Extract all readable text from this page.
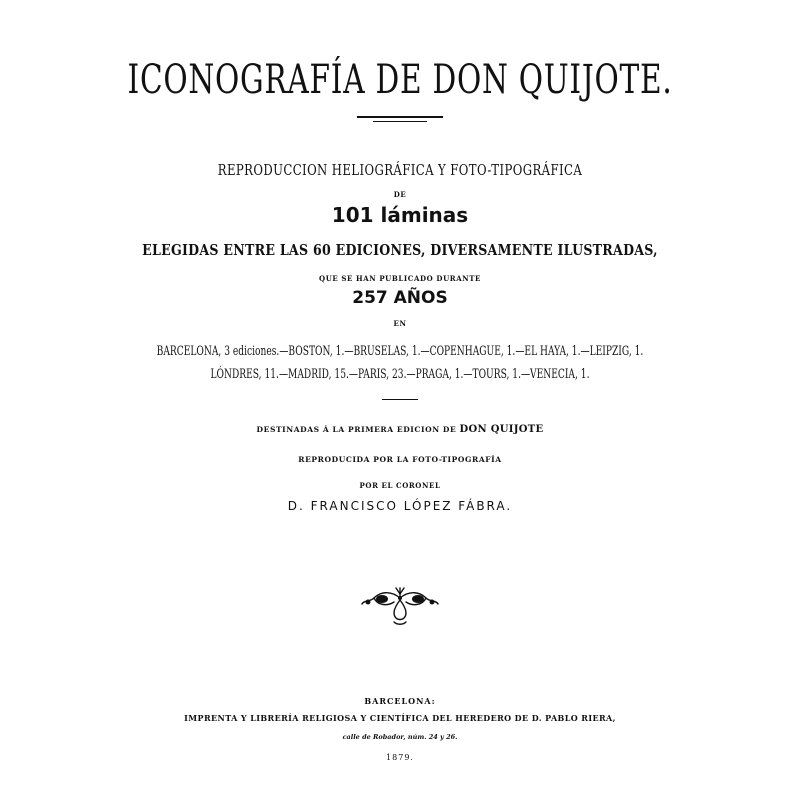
ICONOGRAFÍA DE DON QUIJOTE.
REPRODUCCION HELIOGRÁFICA Y FOTO-TIPOGRÁFICA
DE
101 láminas
ELEGIDAS ENTRE LAS 60 EDICIONES, DIVERSAMENTE ILUSTRADAS,
QUE SE HAN PUBLICADO DURANTE
257 AÑOS
EN
BARCELONA, 3 ediciones.—BOSTON, 1.—BRUSELAS, 1.—COPENHAGUE, 1.—EL HAYA, 1.—LEIPZIG, 1.
LÓNDRES, 11.—MADRID, 15.—PARIS, 23.—PRAGA, 1.—TOURS, 1.—VENECIA, 1.
DESTINADAS Á LA PRIMERA EDICION DE DON QUIJOTE
REPRODUCIDA POR LA FOTO-TIPOGRAFÍA
POR EL CORONEL
D. FRANCISCO LÓPEZ FÁBRA.
BARCELONA:
IMPRENTA Y LIBRERÍA RELIGIOSA Y CIENTÍFICA DEL HEREDERO DE D. PABLO RIERA,
calle de Robador, núm. 24 y 26.
1879.
